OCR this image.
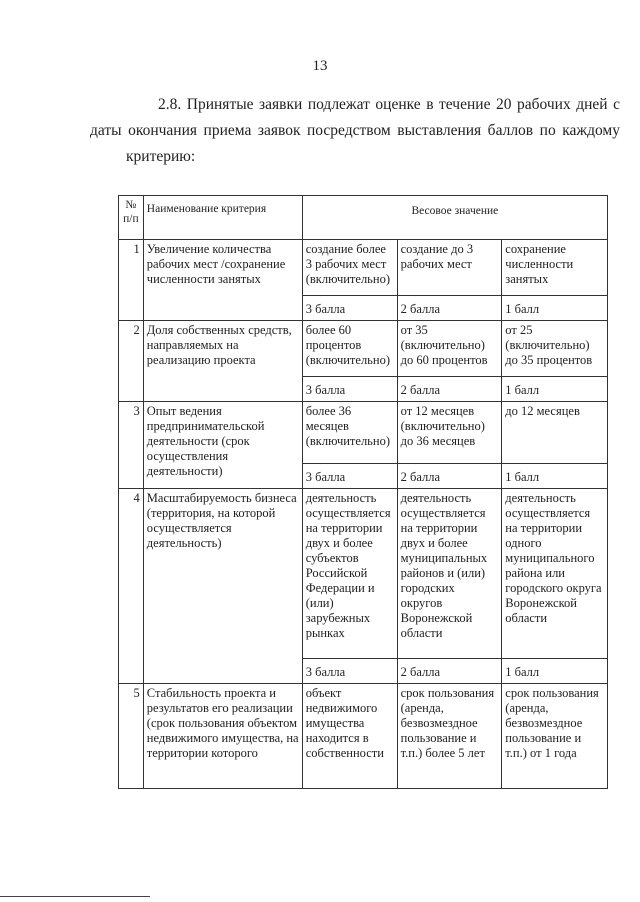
13
2.8. Принятые заявки подлежат оценке в течение 20 рабочих дней с
даты окончания приема заявок посредством выставления баллов по каждому
критерию:
№ п/п	Наименование критерия	Весовое значение		
1	Увеличение количества рабочих мест /сохранение численности занятых	создание более 3 рабочих мест (включительно)	создание до 3 рабочих мест	сохранение численности занятых
		3 балла	2 балла	1 балл
2	Доля собственных средств, направляемых на реализацию проекта	более 60 процентов (включительно)	от 35 (включительно) до 60 процентов	от 25 (включительно) до 35 процентов
		3 балла	2 балла	1 балл
3	Опыт ведения предпринимательской деятельности (срок осуществления деятельности)	более 36 месяцев (включительно)	от 12 месяцев (включительно) до 36 месяцев	до 12 месяцев
		3 балла	2 балла	1 балл
4	Масштабируемость бизнеса (территория, на которой осуществляется деятельность)	деятельность осуществляется на территории двух и более субъектов Российской Федерации и (или) зарубежных рынках	деятельность осуществляется на территории двух и более муниципальных районов и (или) городских округов Воронежской области	деятельность осуществляется на территории одного муниципального района или городского округа Воронежской области
		3 балла	2 балла	1 балл
5	Стабильность проекта и результатов его реализации (срок пользования объектом недвижимого имущества, на территории которого	объект недвижимого имущества находится в собственности	срок пользования (аренда, безвозмездное пользование и т.п.) более 5 лет	срок пользования (аренда, безвозмездное пользование и т.п.) от 1 года
